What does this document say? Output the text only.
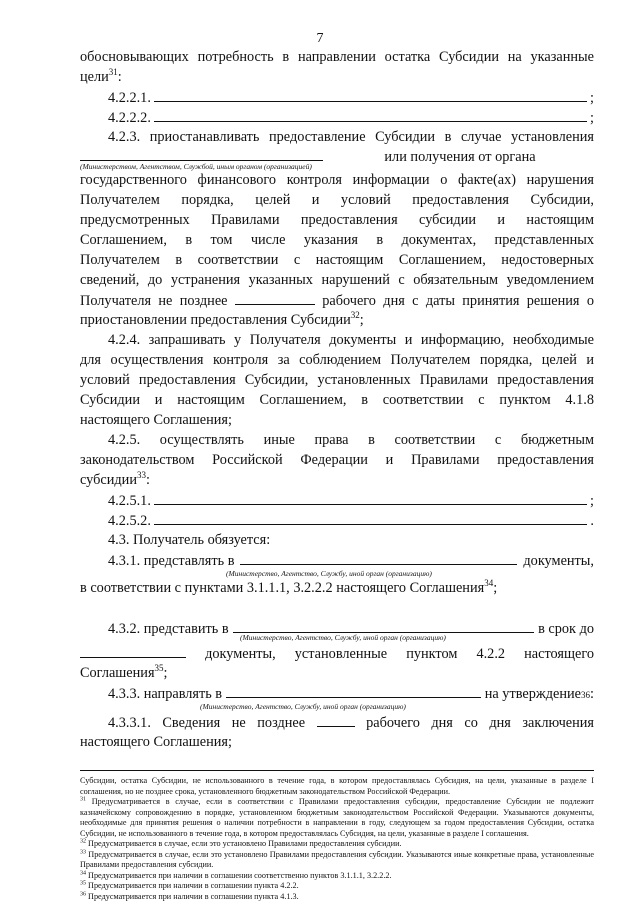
7
обосновывающих потребность в направлении остатка Субсидии на указанные
цели$^{31}$:
4.2.2.1.	;
4.2.2.2.	;
4.2.3. приостанавливать предоставление Субсидии в случае установления
или получения от органа
(Министерством, Агентством, Службой, иным органом (организацией)
государственного финансового контроля информации о факте(ах) нарушения
Получателем порядка, целей и условий предоставления Субсидии,
предусмотренных Правилами предоставления субсидии и настоящим
Соглашением, в том числе указания в документах, представленных
Получателем в соответствии с настоящим Соглашением, недостоверных
сведений, до устранения указанных нарушений с обязательным уведомлением
Получателя не позднее	рабочего дня с даты принятия решения о
приостановлении предоставления Субсидии$^{32}$;
4.2.4. запрашивать у Получателя документы и информацию, необходимые
для осуществления контроля за соблюдением Получателем порядка, целей и
условий предоставления Субсидии, установленных Правилами предоставления
Субсидии и настоящим Соглашением, в соответствии с пунктом 4.1.8
настоящего Соглашения;
4.2.5. осуществлять иные права в соответствии с бюджетным
законодательством Российской Федерации и Правилами предоставления
субсидии$^{33}$:
4.2.5.1.	;
4.2.5.2.	.
4.3. Получатель обязуется:
4.3.1. представлять в	документы,
(Министерство, Агентство, Службу, иной орган (организацию)
в соответствии с пунктами 3.1.1.1, 3.2.2.2 настоящего Соглашения$^{34}$;
4.3.2. представить в	в срок до
(Министерство, Агентство, Службу, иной орган (организацию)
документы, установленные пунктом 4.2.2 настоящего
Соглашения$^{35}$;
4.3.3. направлять в	на утверждение 36 :
(Министерство, Агентство, Службу, иной орган (организацию)
4.3.3.1. Сведения не позднее	рабочего дня со дня заключения
настоящего Соглашения;
Субсидии, остатка Субсидии, не использованного в течение года, в котором предоставлялась Субсидия, на цели, указанные в разделе I соглашения, но не позднее срока, установленного бюджетным законодательством Российской Федерации.
$^{31}$ Предусматривается в случае, если в соответствии с Правилами предоставления субсидии, предоставление Субсидии не подлежит казначейскому сопровождению в порядке, установленном бюджетным законодательством Российской Федерации. Указываются документы, необходимые для принятия решения о наличии потребности в направлении в году, следующем за годом предоставления Субсидии, остатка Субсидии, не использованного в течение года, в котором предоставлялась Субсидия, на цели, указанные в разделе I соглашения.
$^{32}$ Предусматривается в случае, если это установлено Правилами предоставления субсидии.
$^{33}$ Предусматривается в случае, если это установлено Правилами предоставления субсидии. Указываются иные конкретные права, установленные Правилами предоставления субсидии.
$^{34}$ Предусматривается при наличии в соглашении соответственно пунктов 3.1.1.1, 3.2.2.2.
$^{35}$ Предусматривается при наличии в соглашении пункта 4.2.2.
$^{36}$ Предусматривается при наличии в соглашении пункта 4.1.3.
